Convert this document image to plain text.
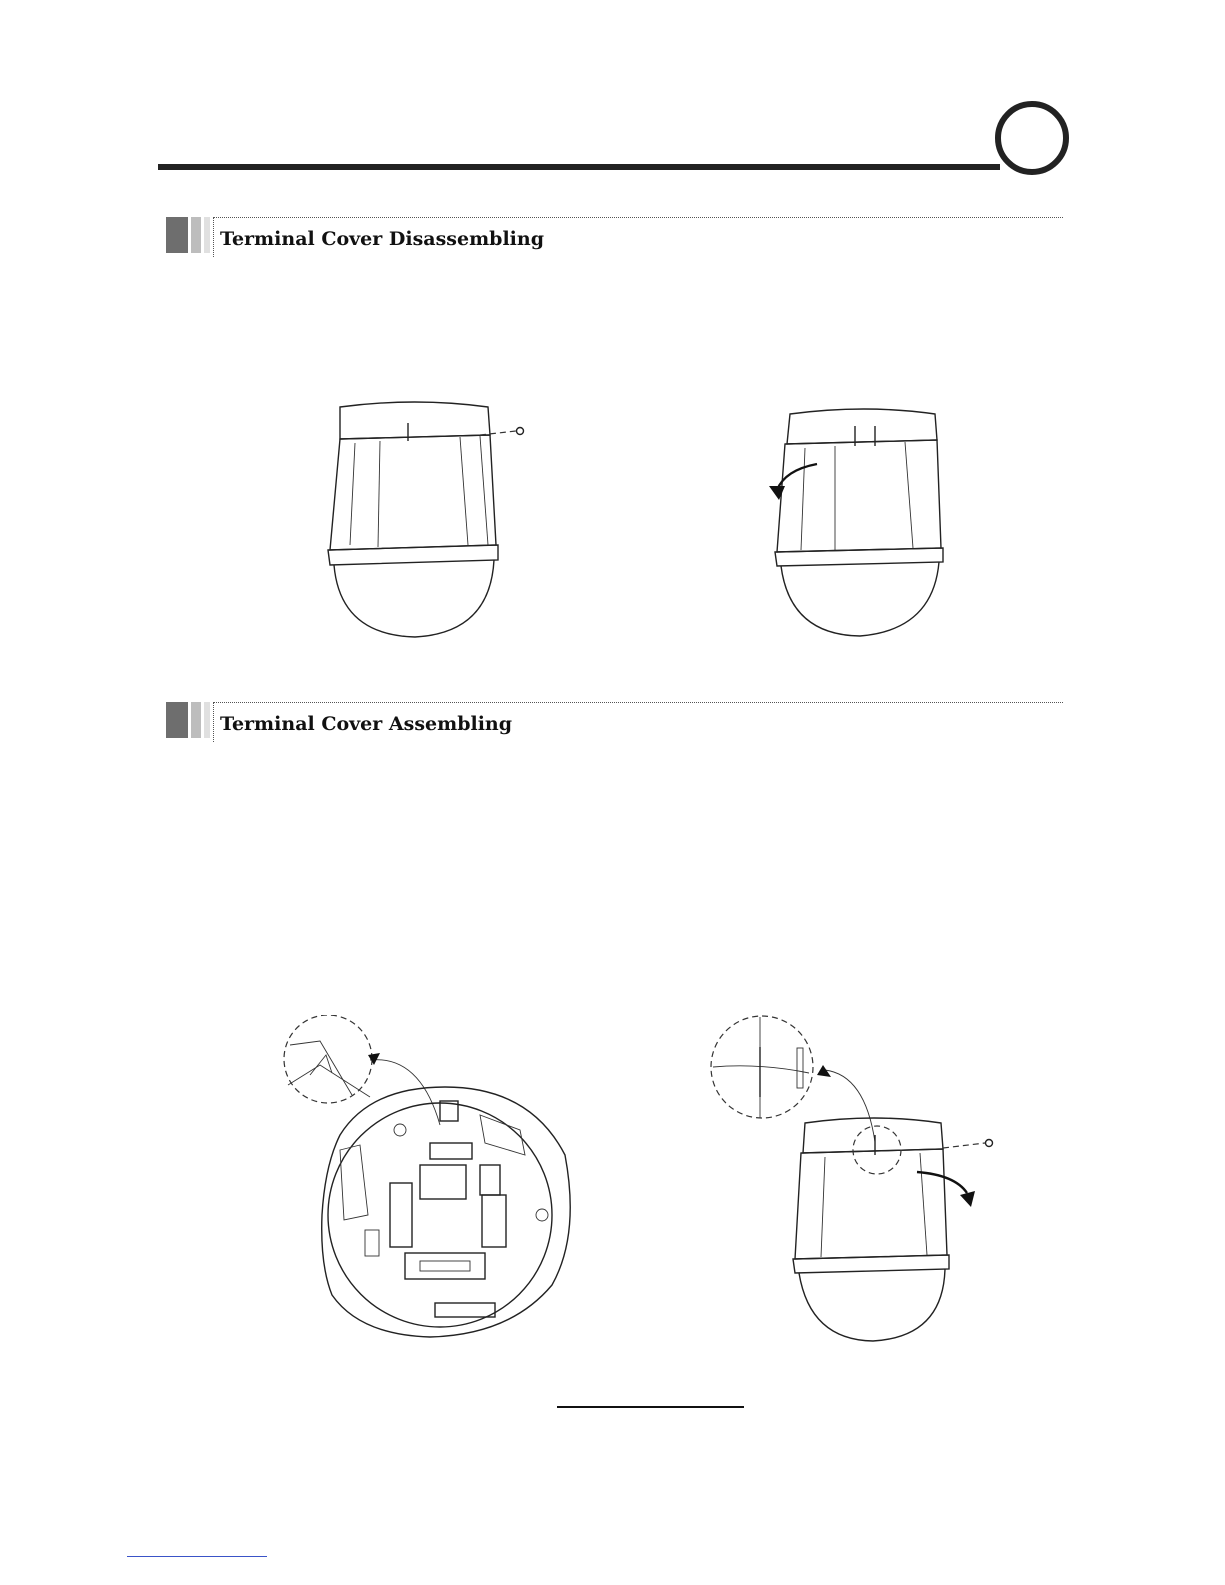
Terminal Cover Disassembling
Terminal Cover Assembling
